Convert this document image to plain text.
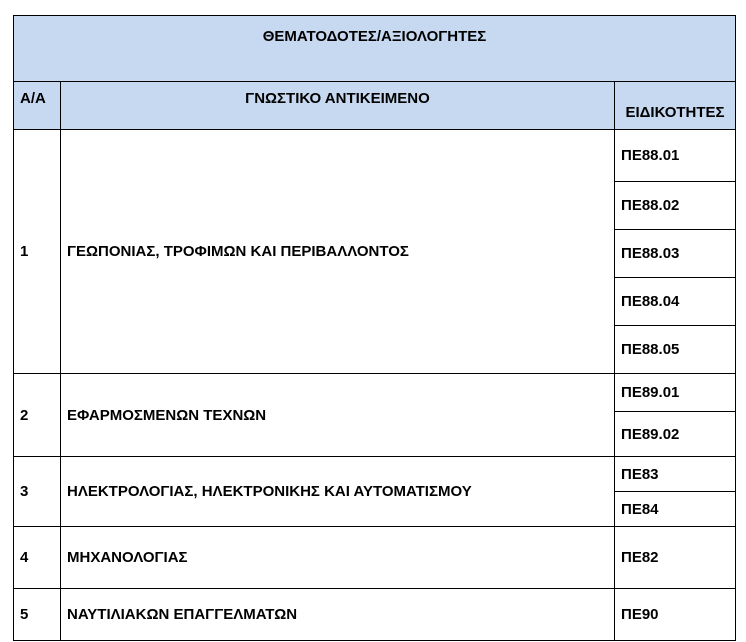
ΘΕΜΑΤΟΔΟΤΕΣ/ΑΞΙΟΛΟΓΗΤΕΣ		
Α/Α	ΓΝΩΣΤΙΚΟ ΑΝΤΙΚΕΙΜΕΝΟ	ΕΙΔΙΚΟΤΗΤΕΣ
1	ΓΕΩΠΟΝΙΑΣ, ΤΡΟΦΙΜΩΝ ΚΑΙ ΠΕΡΙΒΑΛΛΟΝΤΟΣ	ΠΕ88.01
		ΠΕ88.02
		ΠΕ88.03
		ΠΕ88.04
		ΠΕ88.05
2	ΕΦΑΡΜΟΣΜΕΝΩΝ ΤΕΧΝΩΝ	ΠΕ89.01
		ΠΕ89.02
3	ΗΛΕΚΤΡΟΛΟΓΙΑΣ, ΗΛΕΚΤΡΟΝΙΚΗΣ ΚΑΙ ΑΥΤΟΜΑΤΙΣΜΟΥ	ΠΕ83
		ΠΕ84
4	ΜΗΧΑΝΟΛΟΓΙΑΣ	ΠΕ82
5	ΝΑΥΤΙΛΙΑΚΩΝ ΕΠΑΓΓΕΛΜΑΤΩΝ	ΠΕ90
